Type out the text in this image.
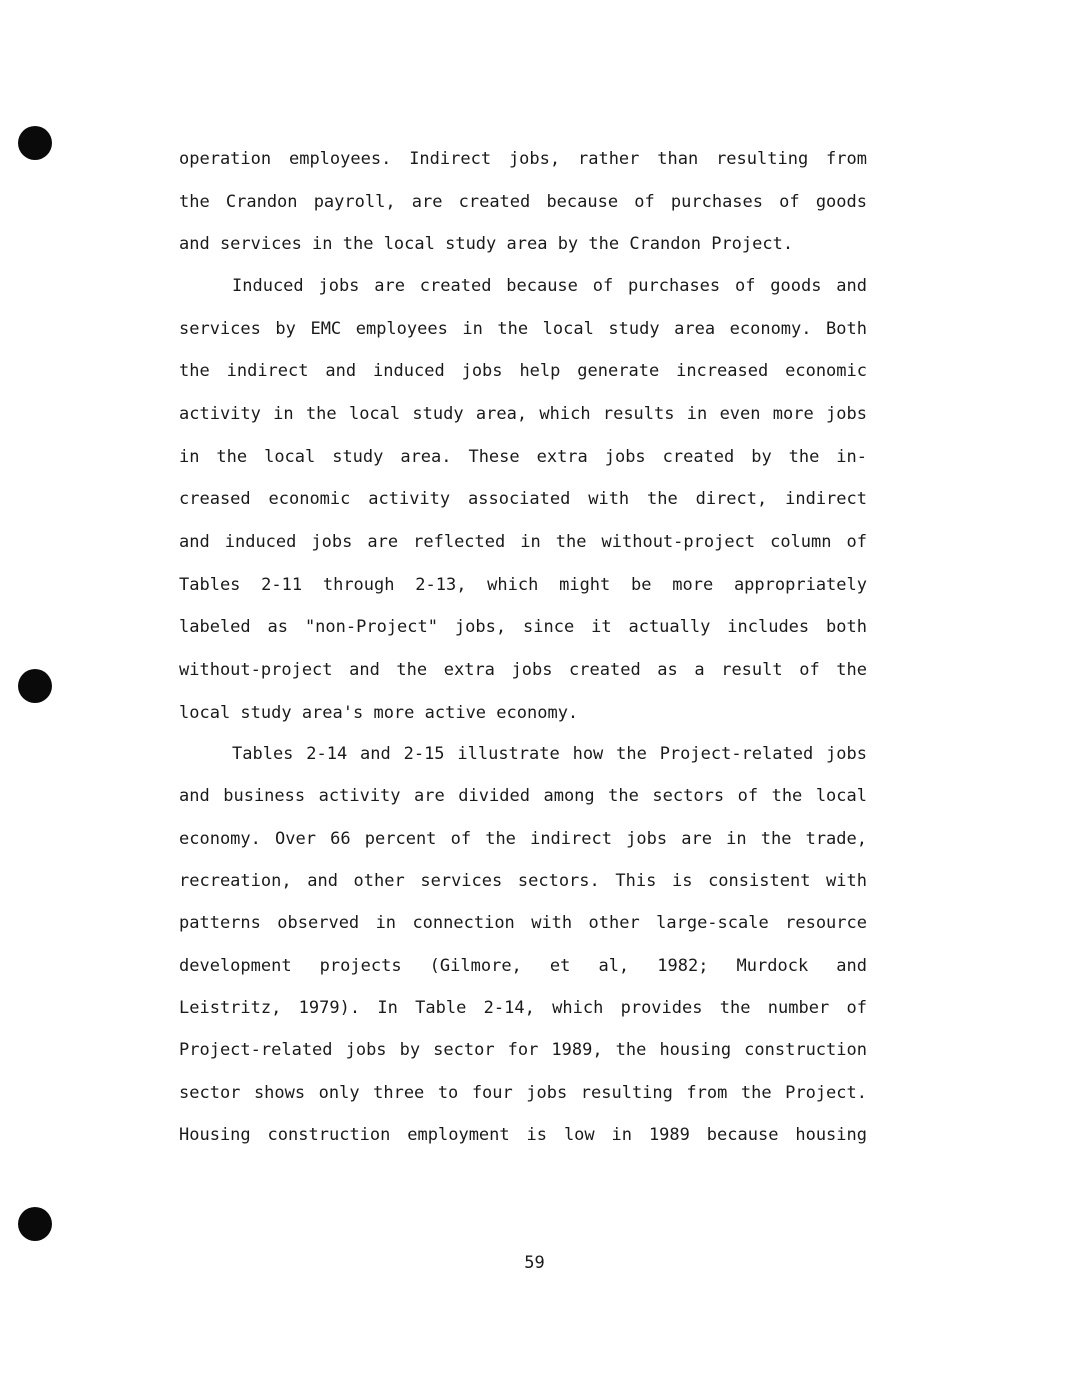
operation employees. Indirect jobs, rather than resulting from
the Crandon payroll, are created because of purchases of goods
and services in the local study area by the Crandon Project.
Induced jobs are created because of purchases of goods and
services by EMC employees in the local study area economy. Both
the indirect and induced jobs help generate increased economic
activity in the local study area, which results in even more jobs
in the local study area. These extra jobs created by the in-
creased economic activity associated with the direct, indirect
and induced jobs are reflected in the without-project column of
Tables 2-11 through 2-13, which might be more appropriately
labeled as "non-Project" jobs, since it actually includes both
without-project and the extra jobs created as a result of the
local study area's more active economy.
Tables 2-14 and 2-15 illustrate how the Project-related jobs
and business activity are divided among the sectors of the local
economy. Over 66 percent of the indirect jobs are in the trade,
recreation, and other services sectors. This is consistent with
patterns observed in connection with other large-scale resource
development projects (Gilmore, et al, 1982; Murdock and
Leistritz, 1979). In Table 2-14, which provides the number of
Project-related jobs by sector for 1989, the housing construction
sector shows only three to four jobs resulting from the Project.
Housing construction employment is low in 1989 because housing
59
